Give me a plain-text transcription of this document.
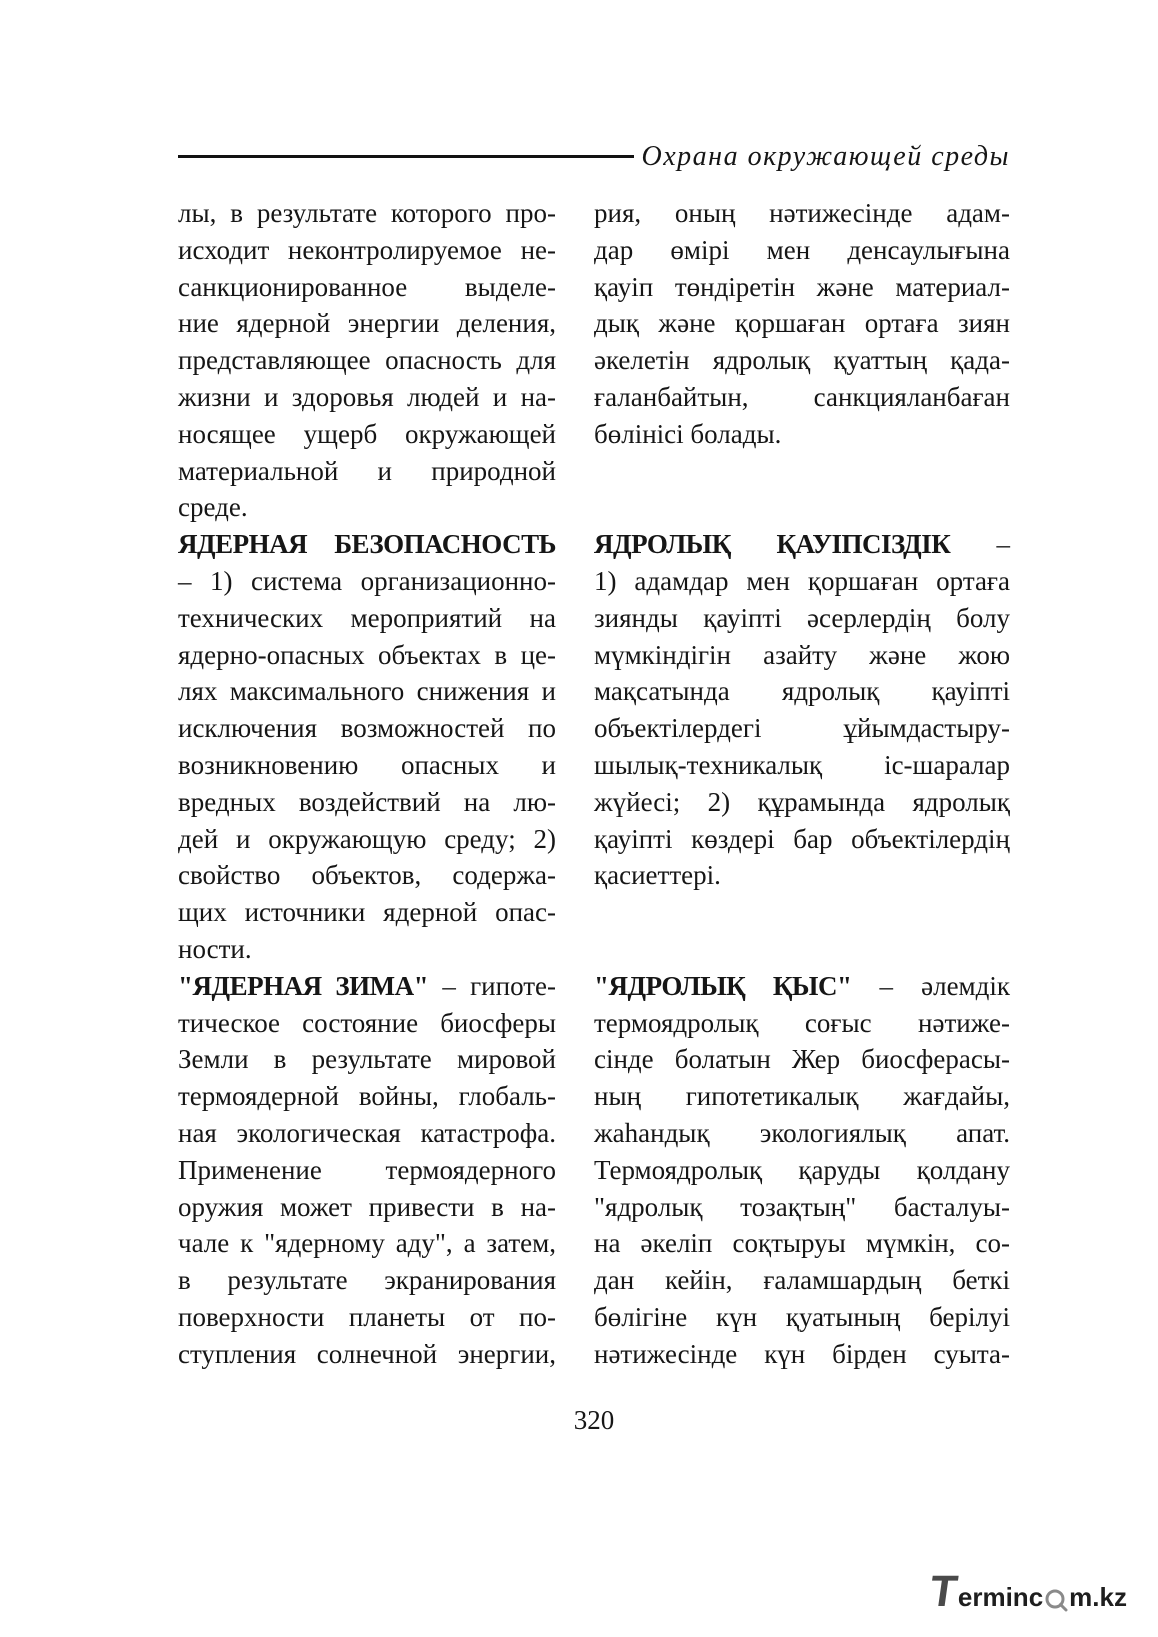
Охрана окружающей среды
лы, в результате которого про-
исходит неконтролируемое не-
санкционированное выделе-
ние ядерной энергии деления,
представляющее опасность для
жизни и здоровья людей и на-
носящее ущерб окружающей
материальной и природной
среде.
рия, оның нәтижесінде адам-
дар өмірі мен денсаулығына
қауіп төндіретін және материал-
дық және қоршаған ортаға зиян
әкелетін ядролық қуаттың қада-
ғаланбайтын, санкцияланбаған
бөлінісі болады.
ЯДЕРНАЯ БЕЗОПАСНОСТЬ
– 1) система организационно-
технических мероприятий на
ядерно-опасных объектах в це-
лях максимального снижения и
исключения возможностей по
возникновению опасных и
вредных воздействий на лю-
дей и окружающую среду; 2)
свойство объектов, содержа-
щих источники ядерной опас-
ности.
ЯДРОЛЫҚ ҚАУІПСІЗДІК –
1) адамдар мен қоршаған ортаға
зиянды қауіпті әсерлердің болу
мүмкіндігін азайту және жою
мақсатында ядролық қауіпті
объектілердегі ұйымдастыру-
шылық-техникалық іс-шаралар
жүйесі; 2) құрамында ядролық
қауіпті көздері бар объектілердің
қасиеттері.
"ЯДЕРНАЯ ЗИМА" – гипоте-
тическое состояние биосферы
Земли в результате мировой
термоядерной войны, глобаль-
ная экологическая катастрофа.
Применение термоядерного
оружия может привести в на-
чале к "ядерному аду", а затем,
в результате экранирования
поверхности планеты от по-
ступления солнечной энергии,
"ЯДРОЛЫҚ ҚЫС" – әлемдік
термоядролық соғыс нәтиже-
сінде болатын Жер биосферасы-
ның гипотетикалық жағдайы,
жаһандық экологиялық апат.
Термоядролық қаруды қолдану
"ядролық тозақтың" басталуы-
на әкеліп соқтыруы мүмкін, со-
дан кейін, ғаламшардың беткі
бөлігіне күн қуатының берілуі
нәтижесінде күн бірден суыта-
320
T
erminc m.kz
